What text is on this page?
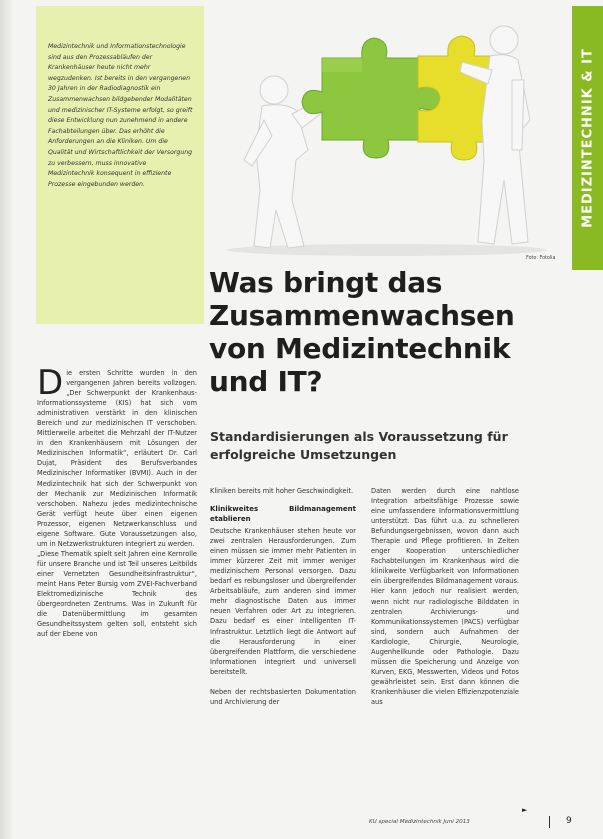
Medizintechnik und Informationstechnologie sind aus den Prozessabläufen der Krankenhäuser heute nicht mehr wegzudenken. Ist bereits in den vergangenen 30 Jahren in der Radiodiagnostik ein Zusammenwachsen bildgebender Modalitäten und medizinischer IT-Systeme erfolgt, so greift diese Entwicklung nun zunehmend in andere Fachabteilungen über. Das erhöht die Anforderungen an die Kliniken. Um die Qualität und Wirtschaftlichkeit der Versorgung zu verbessern, muss innovative Medizintechnik konsequent in effiziente Prozesse eingebunden werden.

Foto: Fotolia
MEDIZINTECHNIK & IT
Was bringt das Zusammenwachsen von Medizintechnik und IT?
Standardisierungen als Voraussetzung für erfolgreiche Umsetzungen
D ie ersten Schritte wurden in den vergangenen Jahren bereits vollzogen. „Der Schwerpunkt der Krankenhaus-Informationssysteme (KIS) hat sich vom administrativen verstärkt in den klinischen Bereich und zur medizinischen IT verschoben. Mittlerweile arbeitet die Mehrzahl der IT-Nutzer in den Krankenhäusern mit Lösungen der Medizinischen Informatik“, erläutert Dr. Carl Dujat, Präsident des Berufsverbandes Medizinischer Informatiker (BVMI). Auch in der Medizintechnik hat sich der Schwerpunkt von der Mechanik zur Medizinischen Informatik verschoben. Nahezu jedes medizintechnische Gerät verfügt heute über einen eigenen Prozessor, eigenen Netzwerkanschluss und eigene Software. Gute Voraussetzungen also, um in Netzwerkstrukturen integriert zu werden.

„Diese Thematik spielt seit Jahren eine Kernrolle für unsere Branche und ist Teil unseres Leitbilds einer Vernetzten Gesundheitsinfrastruktur“, meint Hans Peter Bursig vom ZVEI-Fachverband Elektromedizinische Technik des übergeordneten Zentrums. Was in Zukunft für die Datenübermittlung im gesamten Gesundheitssystem gelten soll, entsteht sich auf der Ebene von

Kliniken bereits mit hoher Geschwindigkeit.

Klinikweites Bildmanagement etablieren

Deutsche Krankenhäuser stehen heute vor zwei zentralen Herausforderungen. Zum einen müssen sie immer mehr Patienten in immer kürzerer Zeit mit immer weniger medizinischem Personal versorgen. Dazu bedarf es reibungsloser und übergreifender Arbeitsabläufe, zum anderen sind immer mehr diagnostische Daten aus immer neuen Verfahren oder Art zu integrieren. Dazu bedarf es einer intelligenten IT-Infrastruktur. Letztlich liegt die Antwort auf die Herausforderung in einer übergreifenden Plattform, die verschiedene Informationen integriert und universell bereitstellt.

Neben der rechtsbasierten Dokumentation und Archivierung der

Daten werden durch eine nahtlose Integration arbeitsfähige Prozesse sowie eine umfassendere Informationsvermittlung unterstützt. Das führt u.a. zu schnelleren Befundungsergebnissen, wovon dann auch Therapie und Pflege profitieren. In Zeiten enger Kooperation unterschiedlicher Fachabteilungen im Krankenhaus wird die klinikweite Verfügbarkeit von Informationen ein übergreifendes Bildmanagement voraus. Hier kann jedoch nur realisiert werden, wenn nicht nur radiologische Bilddaten in zentralen Archivierungs- und Kommunikationssystemen (PACS) verfügbar sind, sondern auch Aufnahmen der Kardiologie, Chirurgie, Neurologie, Augenheilkunde oder Pathologie. Dazu müssen die Speicherung und Anzeige von Kurven, EKG, Messwerten, Videos und Fotos gewährleistet sein. Erst dann können die Krankenhäuser die vielen Effizienzpotenziale aus

►
KU special Medizintechnik Juni 2013	9
